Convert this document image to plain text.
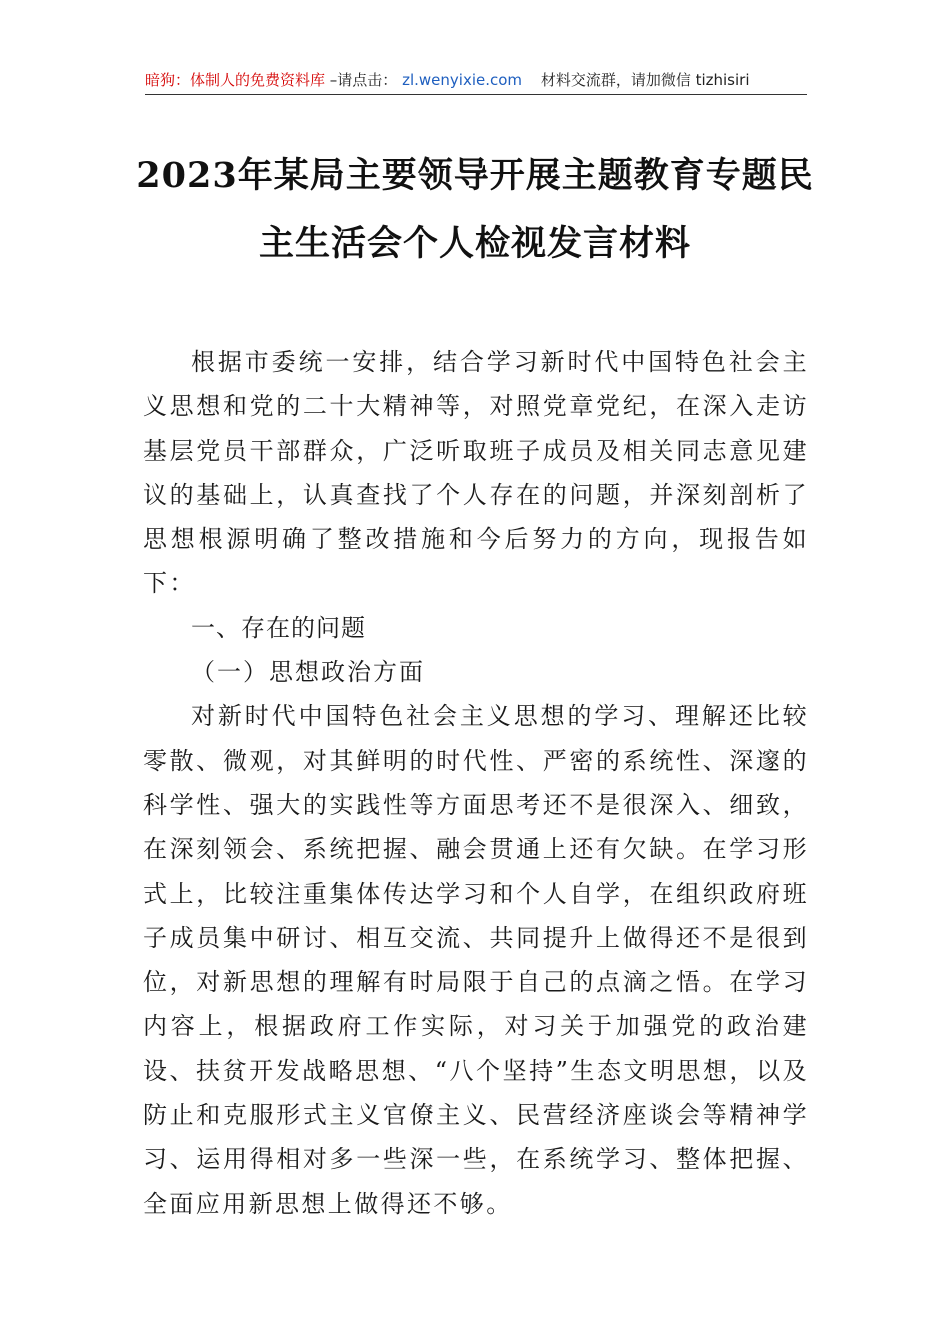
暗狗：体制人的免费资料库 –请点击： zl.wenyixie.com 材料交流群，请加微信 tizhisiri
2023年某局主要领导开展主题教育专题民
主生活会个人检视发言材料

根据市委统一安排，结合学习新时代中国特色社会主义思想和党的二十大精神等，对照党章党纪，在深入走访基层党员干部群众，广泛听取班子成员及相关同志意见建议的基础上，认真查找了个人存在的问题，并深刻剖析了思想根源明确了整改措施和今后努力的方向，现报告如下：

一、存在的问题

（一）思想政治方面

对新时代中国特色社会主义思想的学习、理解还比较零散、微观，对其鲜明的时代性、严密的系统性、深邃的科学性、强大的实践性等方面思考还不是很深入、细致，在深刻领会、系统把握、融会贯通上还有欠缺。在学习形式上，比较注重集体传达学习和个人自学，在组织政府班子成员集中研讨、相互交流、共同提升上做得还不是很到位，对新思想的理解有时局限于自己的点滴之悟。在学习内容上，根据政府工作实际，对习关于加强党的政治建设、扶贫开发战略思想、“八个坚持”生态文明思想，以及防止和克服形式主义官僚主义、民营经济座谈会等精神学习、运用得相对多一些深一些，在系统学习、整体把握、全面应用新思想上做得还不够。
